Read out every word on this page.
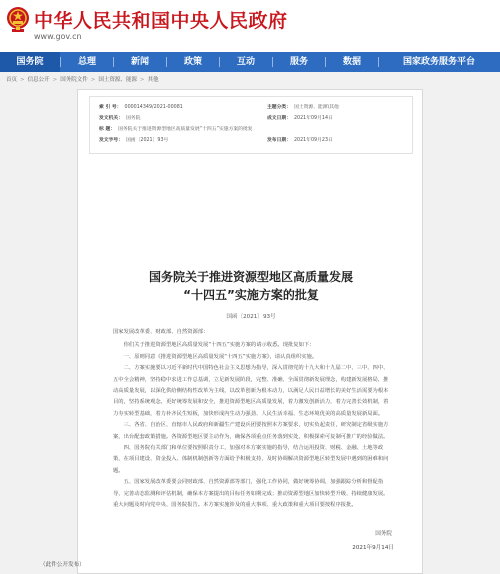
中华人民共和国中央人民政府
www.gov.cn
国务院	总理	新闻	政策	互动	服务	数据	国家政务服务平台
首页 > 信息公开 > 国务院文件 > 国土资源、能源 > 其他
索 引 号： 000014349/2021-00081	主题分类： 国土资源、能源\其他
发文机关： 国务院	成文日期： 2021年09月14日
标 题： 国务院关于推进资源型地区高质量发展“十四五”实施方案的批复
发文字号： 国函〔2021〕93号	发布日期： 2021年09月23日
国务院关于推进资源型地区高质量发展
“十四五”实施方案的批复
国函〔2021〕93号

国家发展改革委、财政部、自然资源部：

你们关于推进资源型地区高质量发展“十四五”实施方案的请示收悉。现批复如下：

一、原则同意《推进资源型地区高质量发展“十四五”实施方案》，请认真组织实施。

二、方案实施要以习近平新时代中国特色社会主义思想为指导，深入贯彻党的十九大和十九届二中、三中、四中、五中全会精神，坚持稳中求进工作总基调，立足新发展阶段，完整、准确、全面贯彻新发展理念，构建新发展格局，推动高质量发展，以深化供给侧结构性改革为主线，以改革创新为根本动力，以满足人民日益增长的美好生活需要为根本目的，坚持系统观念，更好统筹发展和安全，推进资源型地区高质量发展，着力激发创新活力，着力完善长效机制，着力夯实转型基础，着力补齐民生短板，加快形成内生动力强劲、人民生活幸福、生态环境优美的高质量发展新局面。

三、各省、自治区、直辖市人民政府和新疆生产建设兵团要按照本方案要求，切实负起责任，研究制定省级实施方案，出台配套政策措施。各资源型地区要主动作为，确保各项重点任务落到实处，积极探索可复制可推广的经验做法。

四、国务院有关部门和单位要按照职责分工，加强对本方案实施的指导，结合运用投资、财税、金融、土地等政策，在项目建设、资金投入、体制机制创新等方面给予积极支持，及时协调解决资源型地区转型发展中遇到的困难和问题。

五、国家发展改革委要会同财政部、自然资源部等部门，强化工作协同，做好统筹协调，加强跟踪分析和督促指导，完善动态监测和评估机制，确保本方案提出的目标任务如期完成；推动资源型地区加快转型升级、持续健康发展。重大问题及时向党中央、国务院报告。本方案实施涉及的重大事项、重大政策和重大项目要按程序报批。

国务院
2021年9月14日
（此件公开发布）
